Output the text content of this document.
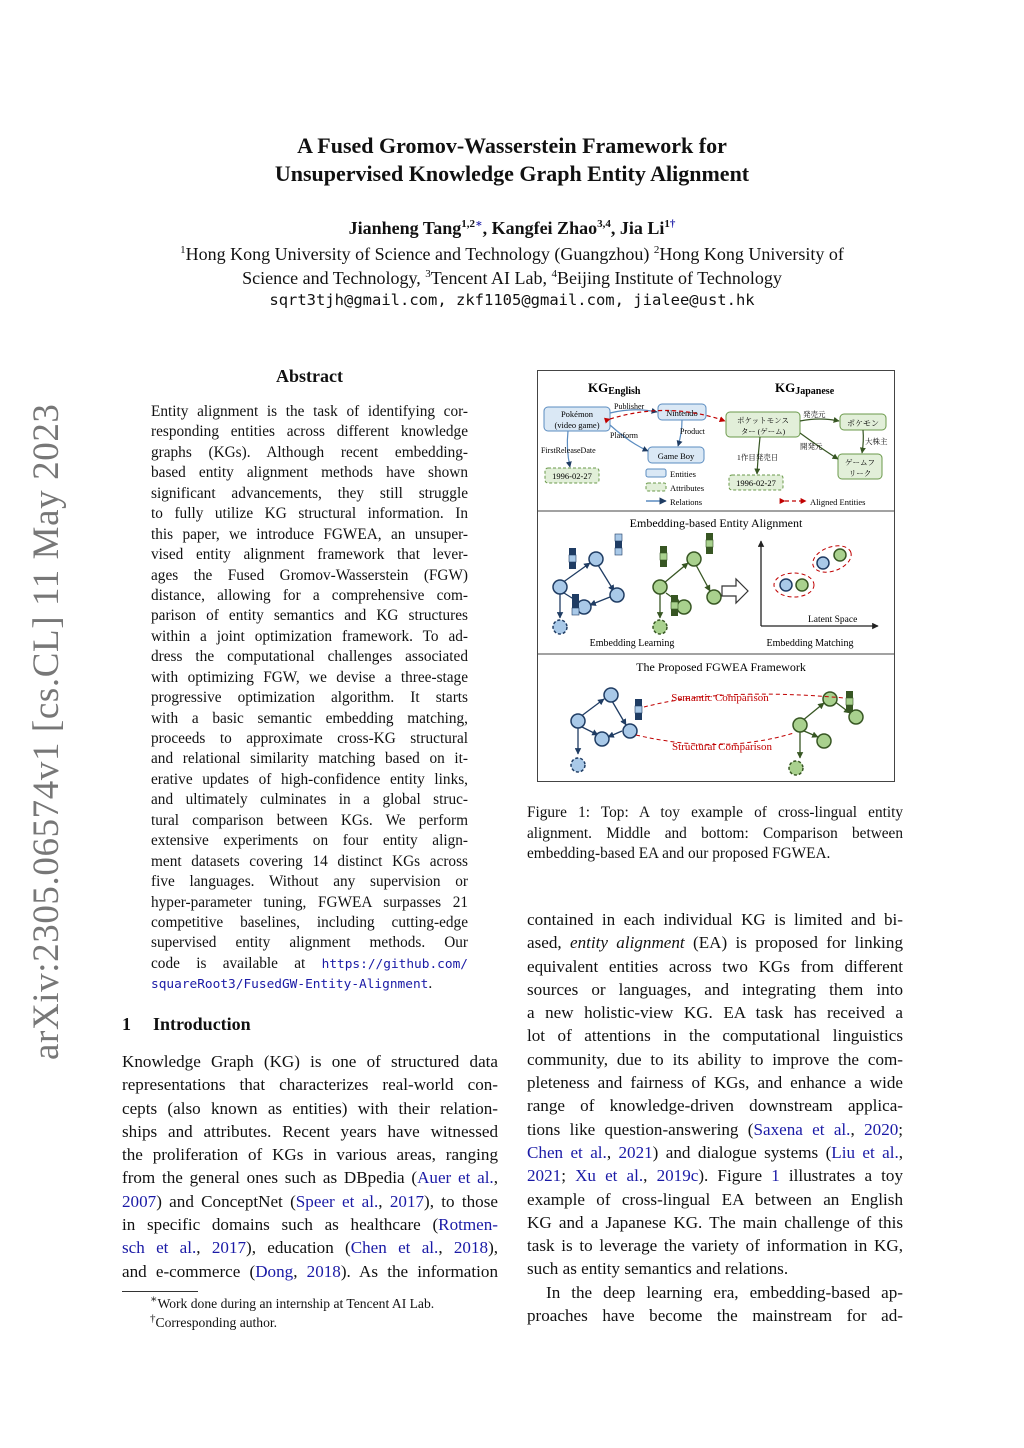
arXiv:2305.06574v1 [cs.CL] 11 May 2023
A Fused Gromov-Wasserstein Framework for
Unsupervised Knowledge Graph Entity Alignment
Jianheng Tang$^{1,2∗}$, Kangfei Zhao$^{3,4}$, Jia $Li^{1\dagger}$
$^1$Hong Kong University of Science and Technology (Guangzhou) $^2$Hong Kong University of
Science and Technology, $^3$Tencent AI Lab, $^4$Beijing Institute of Technology
sqrt3tjh@gmail.com, zkf1105@gmail.com, jialee@ust.hk
Abstract
Entity alignment is the task of identifying cor-
responding entities across different knowledge
graphs (KGs). Although recent embedding-
based entity alignment methods have shown
significant advancements, they still struggle
to fully utilize KG structural information. In
this paper, we introduce FGWEA, an unsuper-
vised entity alignment framework that lever-
ages the Fused Gromov-Wasserstein (FGW)
distance, allowing for a comprehensive com-
parison of entity semantics and KG structures
within a joint optimization framework. To ad-
dress the computational challenges associated
with optimizing FGW, we devise a three-stage
progressive optimization algorithm. It starts
with a basic semantic embedding matching,
proceeds to approximate cross-KG structural
and relational similarity matching based on it-
erative updates of high-confidence entity links,
and ultimately culminates in a global struc-
tural comparison between KGs. We perform
extensive experiments on four entity align-
ment datasets covering 14 distinct KGs across
five languages. Without any supervision or
hyper-parameter tuning, FGWEA surpasses 21
competitive baselines, including cutting-edge
supervised entity alignment methods. Our
code is available at https://github.com/
squareRoot3/FusedGW-Entity-Alignment.
1 Introduction
Knowledge Graph (KG) is one of structured data
representations that characterizes real-world con-
cepts (also known as entities) with their relation-
ships and attributes. Recent years have witnessed
the proliferation of KGs in various areas, ranging
from the general ones such as DBpedia (Auer et al.,
2007) and ConceptNet (Speer et al., 2017), to those
in specific domains such as healthcare (Rotmen-
sch et al., 2017), education (Chen et al., 2018),
and e-commerce (Dong, 2018). As the information
∗Work done during an internship at Tencent AI Lab.
†Corresponding author.
KGEnglish	KGJapanese
Pokémon
(video game)
Nintendo
Game Boy
1996-02-27
Publisher
Platform	Product
FirstReleaseDate
Entities
Attributes
Relations
ポケットモンス
ター (ゲーム)
ポケモン
ゲームフ
リーク
1996-02-27
発売元
開発元
大株主
1作目発売日
Aligned Entities
Embedding-based Entity Alignment
Latent Space
Embedding Learning	Embedding Matching
The Proposed FGWEA Framework
Semantic Comparison
Structural Comparison
Figure 1: Top: A toy example of cross-lingual entity
alignment. Middle and bottom: Comparison between
embedding-based EA and our proposed FGWEA.
contained in each individual KG is limited and bi-
ased, entity alignment (EA) is proposed for linking
equivalent entities across two KGs from different
sources or languages, and integrating them into
a new holistic-view KG. EA task has received a
lot of attentions in the computational linguistics
community, due to its ability to improve the com-
pleteness and fairness of KGs, and enhance a wide
range of knowledge-driven downstream applica-
tions like question-answering (Saxena et al., 2020;
Chen et al., 2021) and dialogue systems (Liu et al.,
2021; Xu et al., 2019c). Figure 1 illustrates a toy
example of cross-lingual EA between an English
KG and a Japanese KG. The main challenge of this
task is to leverage the variety of information in KG,
such as entity semantics and relations.
In the deep learning era, embedding-based ap-
proaches have become the mainstream for ad-
